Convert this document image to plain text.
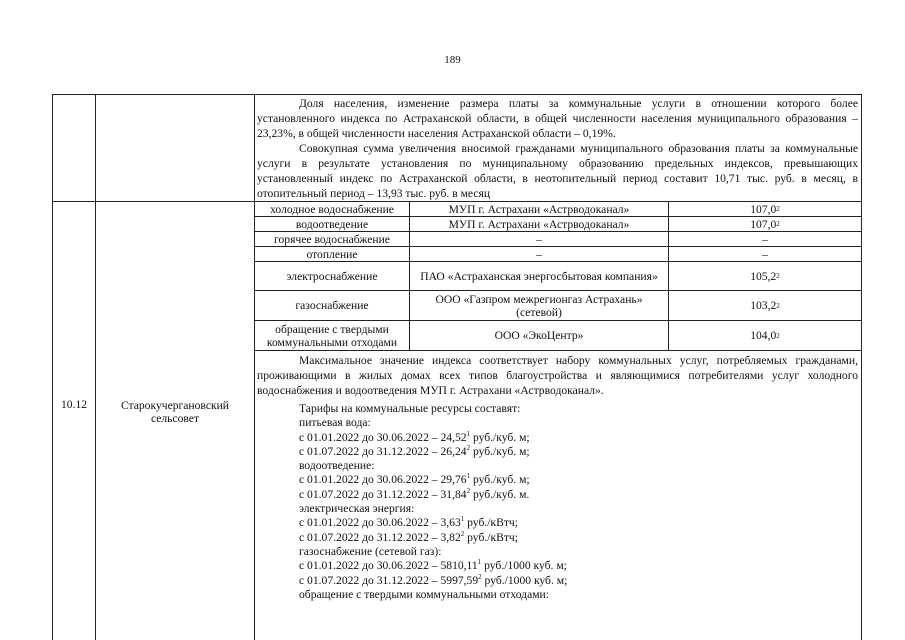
189
Доля населения, изменение размера платы за коммунальные услуги в отношении которого более установленного индекса по Астраханской области, в общей численности населения муниципального образования – 23,23%, в общей численности населения Астраханской области – 0,19%.
Совокупная сумма увеличения вносимой гражданами муниципального образования платы за коммунальные услуги в результате установления по муниципальному образованию предельных индексов, превышающих установленный индекс по Астраханской области, в неотопительный период составит 10,71 тыс. руб. в месяц, в отопительный период – 13,93 тыс. руб. в месяц
10.12	Старокучергановский сельсовет
холодное водоснабжение	МУП г. Астрахани «Астрводоканал»	107,0 2
водоотведение	МУП г. Астрахани «Астрводоканал»	107,0 2
горячее водоснабжение	–	–
отопление	–	–
электроснабжение	ПАО «Астраханская энергосбытовая компания»	105,2 2
газоснабжение	ООО «Газпром межрегионгаз Астрахань» (сетевой)	103,2 2
обращение с твердыми коммунальными отходами	ООО «ЭкоЦентр»	104,0 2
Максимальное значение индекса соответствует набору коммунальных услуг, потребляемых гражданами, проживающими в жилых домах всех типов благоустройства и являющимися потребителями услуг холодного водоснабжения и водоотведения МУП г. Астрахани «Астрводоканал».
Тарифы на коммунальные ресурсы составят:
питьевая вода:
с 01.01.2022 до 30.06.2022 – 24,52$^1$ руб./куб. м;
с 01.07.2022 до 31.12.2022 – 26,24$^2$ руб./куб. м;
водоотведение:
с 01.01.2022 до 30.06.2022 – 29,76$^1$ руб./куб. м;
с 01.07.2022 до 31.12.2022 – 31,84$^2$ руб./куб. м.
электрическая энергия:
с 01.01.2022 до 30.06.2022 – 3,63$^1$ руб./кВтч;
с 01.07.2022 до 31.12.2022 – 3,82$^2$ руб./кВтч;
газоснабжение (сетевой газ):
с 01.01.2022 до 30.06.2022 – 5810,11$^1$ руб./1000 куб. м;
с 01.07.2022 до 31.12.2022 – 5997,59$^2$ руб./1000 куб. м;
обращение с твердыми коммунальными отходами:
